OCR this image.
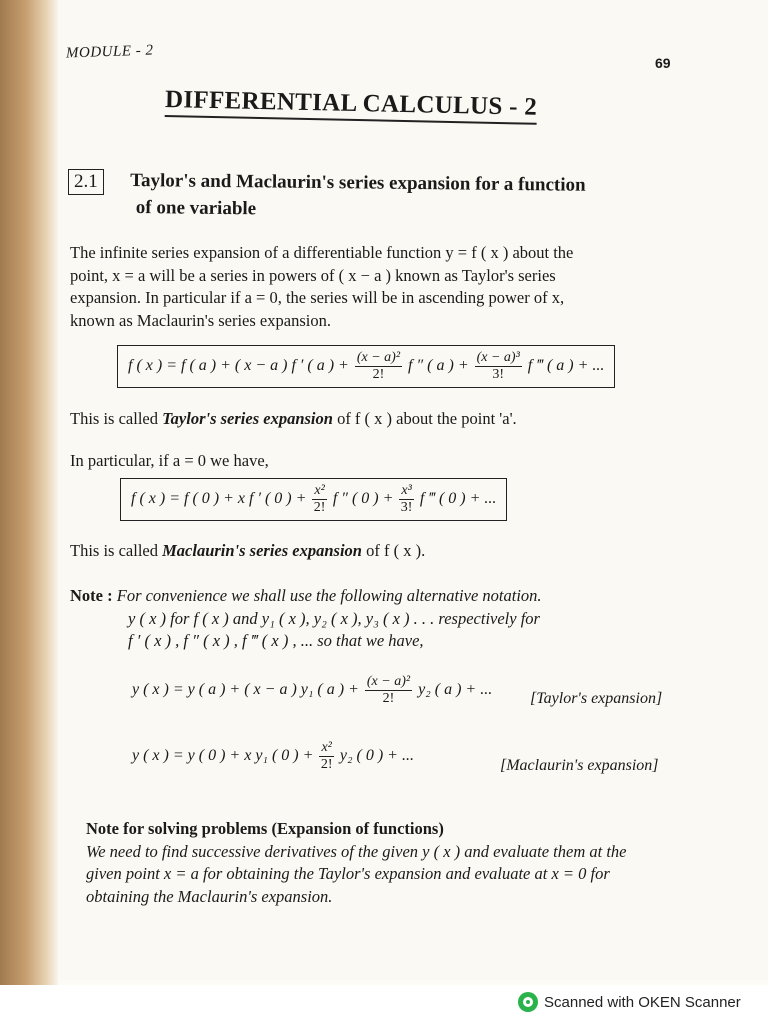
MODULE - 2
69
DIFFERENTIAL CALCULUS - 2
2.1	Taylor's and Maclaurin's series expansion for a function
of one variable
The infinite series expansion of a differentiable function y = f ( x ) about the
point, x = a will be a series in powers of ( x − a ) known as Taylor's series
expansion. In particular if a = 0, the series will be in ascending power of x,
known as Maclaurin's series expansion.
f ( x ) = f ( a ) + ( x − a ) f ′ ( a ) + $\frac{\text{(x − a)²}}{2!}$ f ″ ( a ) + $\frac{\text{(x − a)³}}{3!}$ f ‴ ( a ) + ...
This is called Taylor's series expansion of f ( x ) about the point 'a'.
In particular, if a = 0 we have,
f ( x ) = f ( 0 ) + x f ′ ( 0 ) + $\frac{\text{x²}}{2!}$ f ″ ( 0 ) + $\frac{\text{x³}}{3!}$ f ‴ ( 0 ) + ...
This is called Maclaurin's series expansion of f ( x ).
Note : For convenience we shall use the following alternative notation.
y ( x ) for f ( x ) and y₁ ( x ), y₂ ( x ), y₃ ( x ) . . . respectively for
f ′ ( x ) , f ″ ( x ) , f ‴ ( x ) , ... so that we have,
y ( x ) = y ( a ) + ( x − a ) y₁ ( a ) + $\frac{\text{(x − a)²}}{2!} y_2$ ( a ) + ...
[Taylor's expansion]
y ( x ) = y ( 0 ) + x y₁ ( 0 ) + $\frac{\text{x²}}{2!} y_2$ ( 0 ) + ...
[Maclaurin's expansion]
Note for solving problems (Expansion of functions)
We need to find successive derivatives of the given y ( x ) and evaluate them at the
given point x = a for obtaining the Taylor's expansion and evaluate at x = 0 for
obtaining the Maclaurin's expansion.
Scanned with OKEN Scanner
